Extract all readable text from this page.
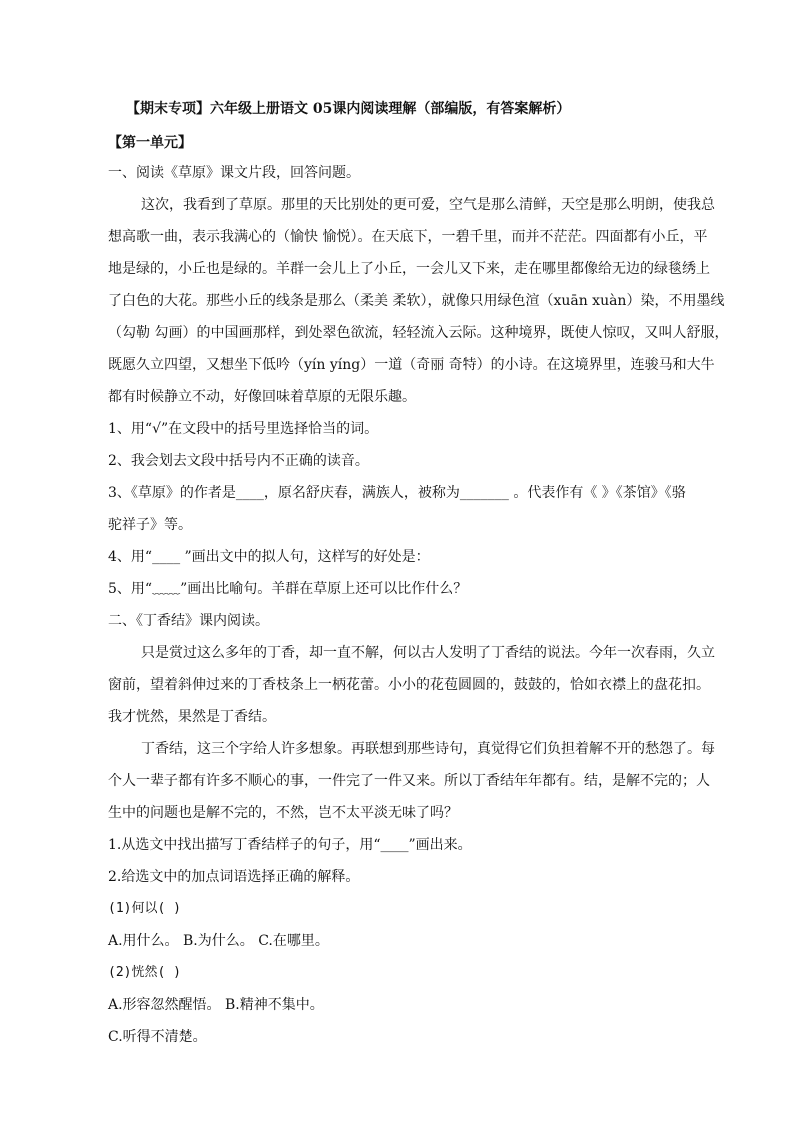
【期末专项】六年级上册语文 05课内阅读理解（部编版，有答案解析）
【第一单元】
一、阅读《草原》课文片段，回答问题。
这次，我看到了草原。那里的天比别处的更可爱，空气是那么清鲜，天空是那么明朗，使我总
想高歌一曲，表示我满心的（愉快 愉悦）。在天底下，一碧千里，而并不茫茫。四面都有小丘，平
地是绿的，小丘也是绿的。羊群一会儿上了小丘，一会儿又下来，走在哪里都像给无边的绿毯绣上
了白色的大花。那些小丘的线条是那么（柔美 柔软），就像只用绿色渲（xuān xuàn）染，不用墨线
（勾勒 勾画）的中国画那样，到处翠色欲流，轻轻流入云际。这种境界，既使人惊叹，又叫人舒服，
既愿久立四望，又想坐下低吟（yín yíng）一道（奇丽 奇特）的小诗。在这境界里，连骏马和大牛
都有时候静立不动，好像回味着草原的无限乐趣。
1、用“√”在文段中的括号里选择恰当的词。
2、我会划去文段中括号内不正确的读音。
3、《草原》的作者是____，原名舒庆春，满族人，被称为_______ 。代表作有《 》《茶馆》《骆
驼祥子》等。
4、用“____ ”画出文中的拟人句，这样写的好处是：
5、用“﹏﹏”画出比喻句。羊群在草原上还可以比作什么？
二、《丁香结》课内阅读。
只是赏过这么多年的丁香，却一直不解，何以古人发明了丁香结的说法。今年一次春雨，久立
窗前，望着斜伸过来的丁香枝条上一柄花蕾。小小的花苞圆圆的，鼓鼓的，恰如衣襟上的盘花扣。
我才恍然，果然是丁香结。
丁香结，这三个字给人许多想象。再联想到那些诗句，真觉得它们负担着解不开的愁怨了。每
个人一辈子都有许多不顺心的事，一件完了一件又来。所以丁香结年年都有。结，是解不完的；人
生中的问题也是解不完的，不然，岂不太平淡无味了吗？
1.从选文中找出描写丁香结样子的句子，用“____”画出来。
2.给选文中的加点词语选择正确的解释。
(1)何以( )
A.用什么。 B.为什么。 C.在哪里。
(2)恍然( )
A.形容忽然醒悟。 B.精神不集中。
C.听得不清楚。
